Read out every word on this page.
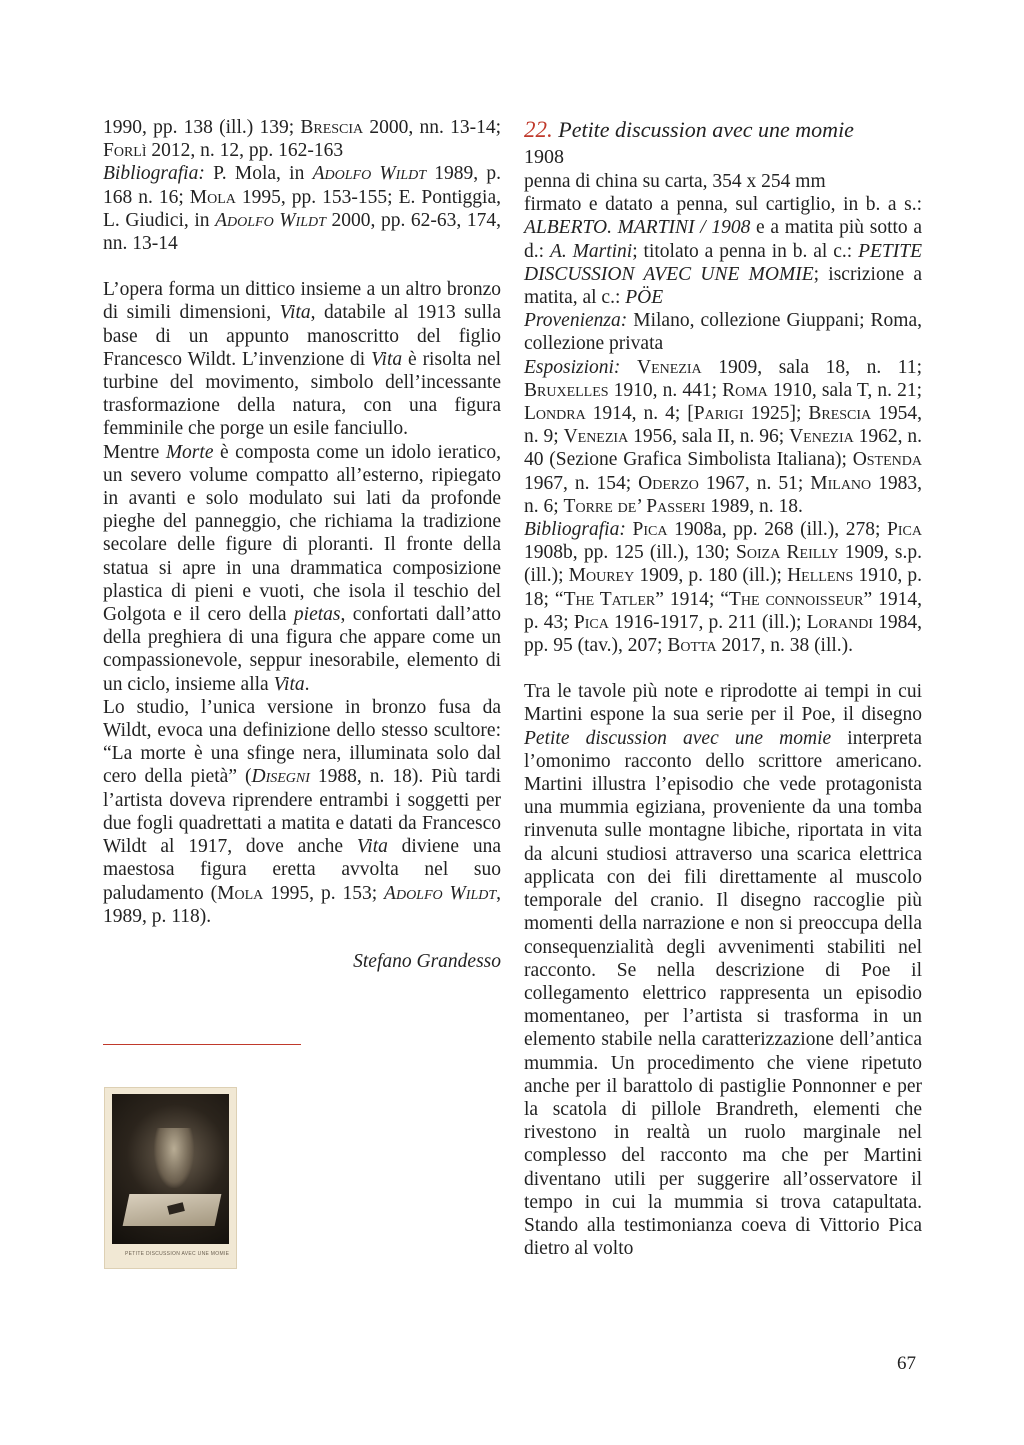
1990, pp. 138 (ill.) 139; Brescia 2000, nn. 13-14; Forlì 2012, n. 12, pp. 162-163
Bibliografia: P. Mola, in Adolfo Wildt 1989, p. 168 n. 16; Mola 1995, pp. 153-155; E. Pontiggia, L. Giudici, in Adolfo Wildt 2000, pp. 62-63, 174, nn. 13-14

L’opera forma un dittico insieme a un altro bronzo di simili dimensioni, Vita, databile al 1913 sulla base di un appunto manoscritto del figlio Francesco Wildt. L’invenzione di Vita è risolta nel turbine del movimento, simbolo dell’incessante trasformazione della natura, con una figura femminile che porge un esile fanciullo.

Mentre Morte è composta come un idolo ieratico, un severo volume compatto all’esterno, ripiegato in avanti e solo modulato sui lati da profonde pieghe del panneggio, che richiama la tradizione secolare delle figure di ploranti. Il fronte della statua si apre in una drammatica composizione plastica di pieni e vuoti, che isola il teschio del Golgota e il cero della pietas, confortati dall’atto della preghiera di una figura che appare come un compassionevole, seppur inesorabile, elemento di un ciclo, insieme alla Vita.

Lo studio, l’unica versione in bronzo fusa da Wildt, evoca una definizione dello stesso scultore: “La morte è una sfinge nera, illuminata solo dal cero della pietà” (Disegni 1988, n. 18). Più tardi l’artista doveva riprendere entrambi i soggetti per due fogli quadrettati a matita e datati da Francesco Wildt al 1917, dove anche Vita diviene una maestosa figura eretta avvolta nel suo paludamento (Mola 1995, p. 153; Adolfo Wildt, 1989, p. 118).

Stefano Grandesso

PETITE DISCUSSION AVEC UNE MOMIE

22. Petite discussion avec une momie

1908

penna di china su carta, 354 x 254 mm
firmato e datato a penna, sul cartiglio, in b. a s.: ALBERTO. MARTINI / 1908 e a matita più sotto a d.: A. Martini; titolato a penna in b. al c.: PETITE DISCUSSION AVEC UNE MOMIE; iscrizione a matita, al c.: PÖE
Provenienza: Milano, collezione Giuppani; Roma, collezione privata
Esposizioni: Venezia 1909, sala 18, n. 11; Bruxelles 1910, n. 441; Roma 1910, sala T, n. 21; Londra 1914, n. 4; [Parigi 1925]; Brescia 1954, n. 9; Venezia 1956, sala II, n. 96; Venezia 1962, n. 40 (Sezione Grafica Simbolista Italiana); Ostenda 1967, n. 154; Oderzo 1967, n. 51; Milano 1983, n. 6; Torre de’ Passeri 1989, n. 18.
Bibliografia: Pica 1908a, pp. 268 (ill.), 278; Pica 1908b, pp. 125 (ill.), 130; Soiza Reilly 1909, s.p. (ill.); Mourey 1909, p. 180 (ill.); Hellens 1910, p. 18; “The Tatler” 1914; “The connoisseur” 1914, p. 43; Pica 1916-1917, p. 211 (ill.); Lorandi 1984, pp. 95 (tav.), 207; Botta 2017, n. 38 (ill.).

Tra le tavole più note e riprodotte ai tempi in cui Martini espone la sua serie per il Poe, il disegno Petite discussion avec une momie interpreta l’omonimo racconto dello scrittore americano. Martini illustra l’episodio che vede protagonista una mummia egiziana, proveniente da una tomba rinvenuta sulle montagne libiche, riportata in vita da alcuni studiosi attraverso una scarica elettrica applicata con dei fili direttamente al muscolo temporale del cranio. Il disegno raccoglie più momenti della narrazione e non si preoccupa della consequenzialità degli avvenimenti stabiliti nel racconto. Se nella descrizione di Poe il collegamento elettrico rappresenta un episodio momentaneo, per l’artista si trasforma in un elemento stabile nella caratterizzazione dell’antica mummia. Un procedimento che viene ripetuto anche per il barattolo di pastiglie Ponnonner e per la scatola di pillole Brandreth, elementi che rivestono in realtà un ruolo marginale nel complesso del racconto ma che per Martini diventano utili per suggerire all’osservatore il tempo in cui la mummia si trova catapultata. Stando alla testimonianza coeva di Vittorio Pica dietro al volto

67
